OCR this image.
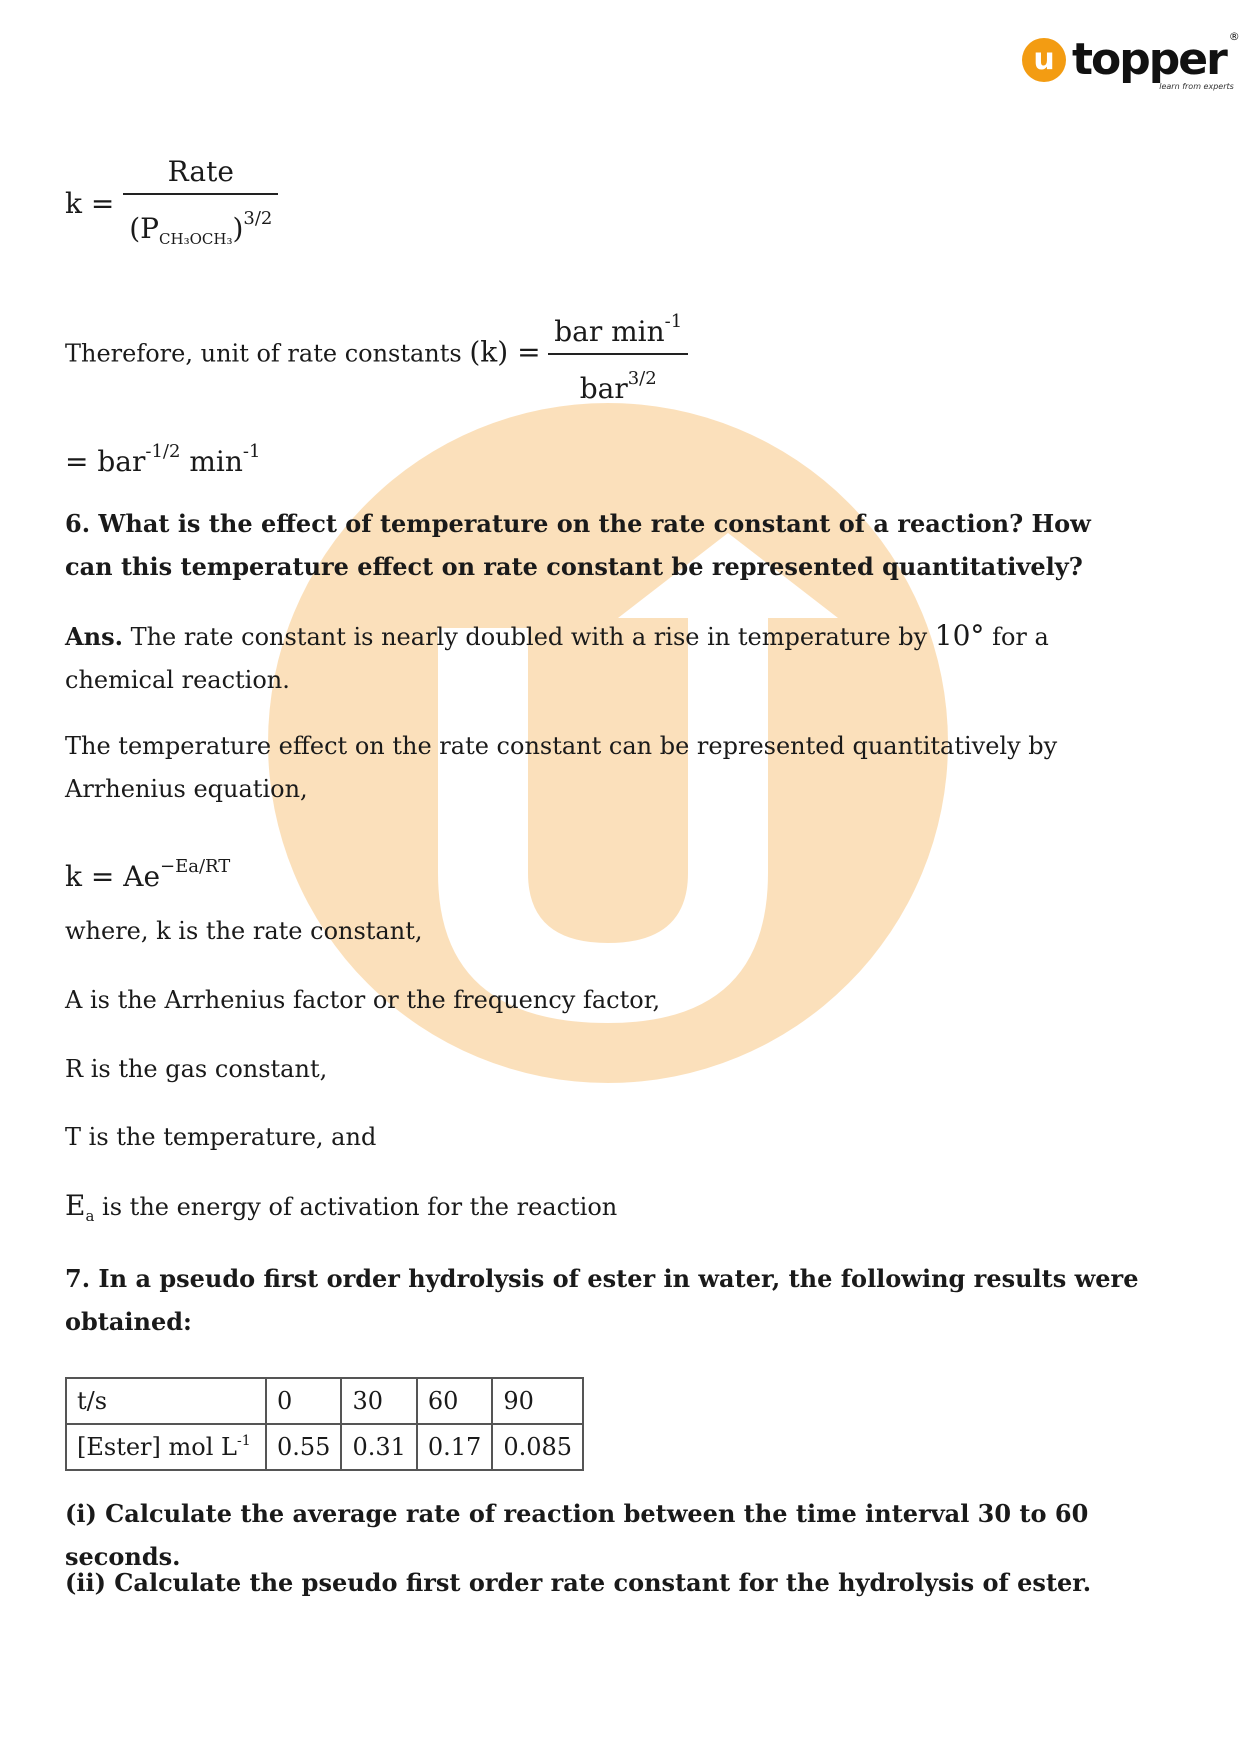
u topper ®
learn from experts
$k = \frac{\text{Rate}}{(P_{CH_3OCH_3})^{3/2}}$
Therefore, unit of rate constants $(k) = \frac{bar \min^{-1}}{bar^{3/2}}$
= bar$^{-1/2}$ $\min^{-1}$
6. What is the effect of temperature on the rate constant of a reaction? How can this temperature effect on rate constant be represented quantitatively?
Ans. The rate constant is nearly doubled with a rise in temperature by 10° for a chemical reaction.
The temperature effect on the rate constant can be represented quantitatively by Arrhenius equation,
$k = Ae^{-Ea/RT}$
where, k is the rate constant,
A is the Arrhenius factor or the frequency factor,
R is the gas constant,
T is the temperature, and
$E_a$ is the energy of activation for the reaction
7. In a pseudo first order hydrolysis of ester in water, the following results were obtained:
(i) Calculate the average rate of reaction between the time interval 30 to 60 seconds.
(ii) Calculate the pseudo first order rate constant for the hydrolysis of ester.
t/s	0	30	60	90
[Ester] mol $L^{-1}$	0.55	0.31	0.17	0.085
